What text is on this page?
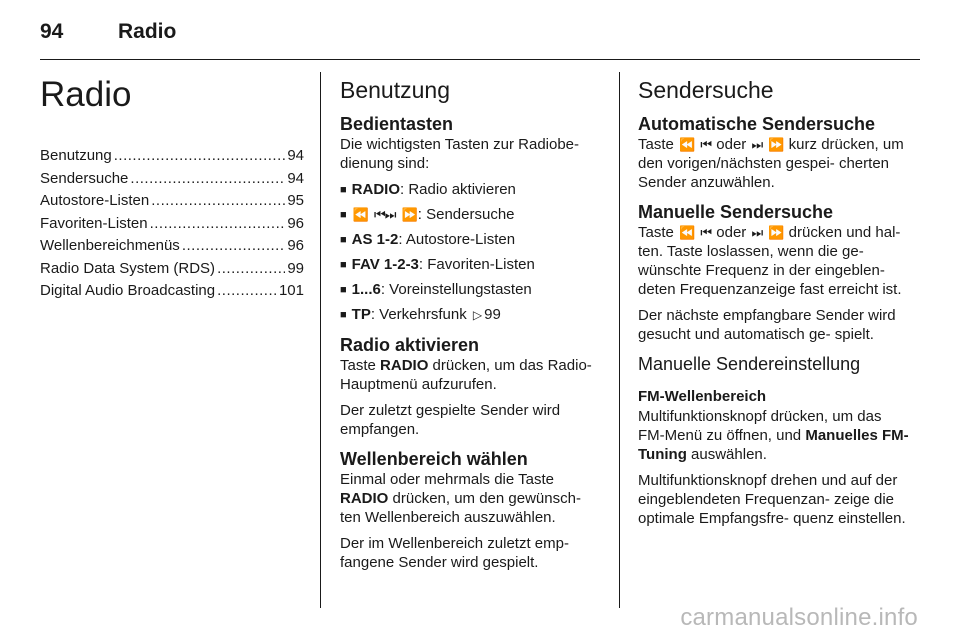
94	Radio
Radio
Benutzung .....	94
Sendersuche .....	94
Autostore-Listen .....	95
Favoriten-Listen .....	96
Wellenbereichmenüs .....	96
Radio Data System (RDS) .....	99
Digital Audio Broadcasting .....	101
Benutzung
Bedientasten

Die wichtigsten Tasten zur Radiobe- dienung sind:

■ RADIO: Radio aktivieren
■ ⏪ ⏮⏭ ⏩: Sendersuche
■ AS 1-2: Autostore-Listen
■ FAV 1-2-3: Favoriten-Listen
■ 1...6: Voreinstellungstasten
■ TP: Verkehrsfunk ▷ 99
Radio aktivieren

Taste RADIO drücken, um das Radio-Hauptmenü aufzurufen.

Der zuletzt gespielte Sender wird empfangen.

Wellenbereich wählen

Einmal oder mehrmals die Taste RADIO drücken, um den gewünsch- ten Wellenbereich auszuwählen.

Der im Wellenbereich zuletzt emp- fangene Sender wird gespielt.

Sendersuche
Automatische Sendersuche

Taste ⏪ ⏮ oder ⏭ ⏩ kurz drücken, um den vorigen/nächsten gespei- cherten Sender anzuwählen.

Manuelle Sendersuche

Taste ⏪ ⏮ oder ⏭ ⏩ drücken und hal- ten. Taste loslassen, wenn die ge- wünschte Frequenz in der eingeblen- deten Frequenzanzeige fast erreicht ist.

Der nächste empfangbare Sender wird gesucht und automatisch ge- spielt.

Manuelle Sendereinstellung
FM-Wellenbereich

Multifunktionsknopf drücken, um das FM-Menü zu öffnen, und Manuelles FM-Tuning auswählen.

Multifunktionsknopf drehen und auf der eingeblendeten Frequenzan- zeige die optimale Empfangsfre- quenz einstellen.

carmanualsonline.info
